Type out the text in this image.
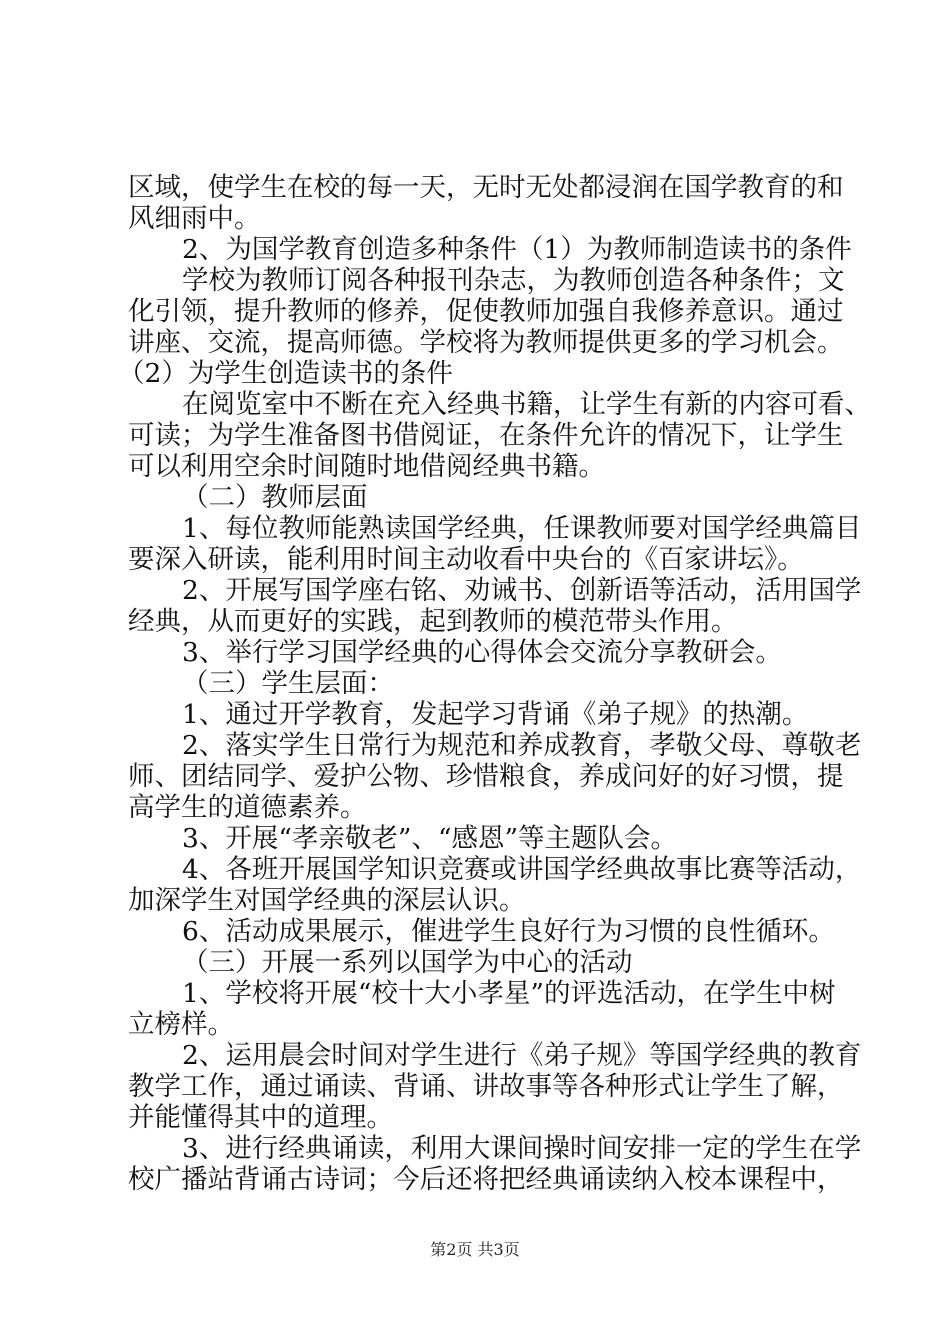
区域，使学生在校的每一天，无时无处都浸润在国学教育的和
风细雨中。
2、为国学教育创造多种条件（1）为教师制造读书的条件
学校为教师订阅各种报刊杂志，为教师创造各种条件；文
化引领，提升教师的修养，促使教师加强自我修养意识。通过
讲座、交流，提高师德。学校将为教师提供更多的学习机会。
（2）为学生创造读书的条件
在阅览室中不断在充入经典书籍，让学生有新的内容可看、
可读；为学生准备图书借阅证，在条件允许的情况下，让学生
可以利用空余时间随时地借阅经典书籍。
（二）教师层面
1、每位教师能熟读国学经典，任课教师要对国学经典篇目
要深入研读，能利用时间主动收看中央台的《百家讲坛》。
2、开展写国学座右铭、劝诫书、创新语等活动，活用国学
经典，从而更好的实践，起到教师的模范带头作用。
3、举行学习国学经典的心得体会交流分享教研会。
（三）学生层面：
1、通过开学教育，发起学习背诵《弟子规》的热潮。
2、落实学生日常行为规范和养成教育，孝敬父母、尊敬老
师、团结同学、爱护公物、珍惜粮食，养成问好的好习惯，提
高学生的道德素养。
3、开展“孝亲敬老”、“感恩”等主题队会。
4、各班开展国学知识竞赛或讲国学经典故事比赛等活动，
加深学生对国学经典的深层认识。
6、活动成果展示，催进学生良好行为习惯的良性循环。
（三）开展一系列以国学为中心的活动
1、学校将开展“校十大小孝星”的评选活动，在学生中树
立榜样。
2、运用晨会时间对学生进行《弟子规》等国学经典的教育
教学工作，通过诵读、背诵、讲故事等各种形式让学生了解，
并能懂得其中的道理。
3、进行经典诵读，利用大课间操时间安排一定的学生在学
校广播站背诵古诗词；今后还将把经典诵读纳入校本课程中，
第2页 共3页
